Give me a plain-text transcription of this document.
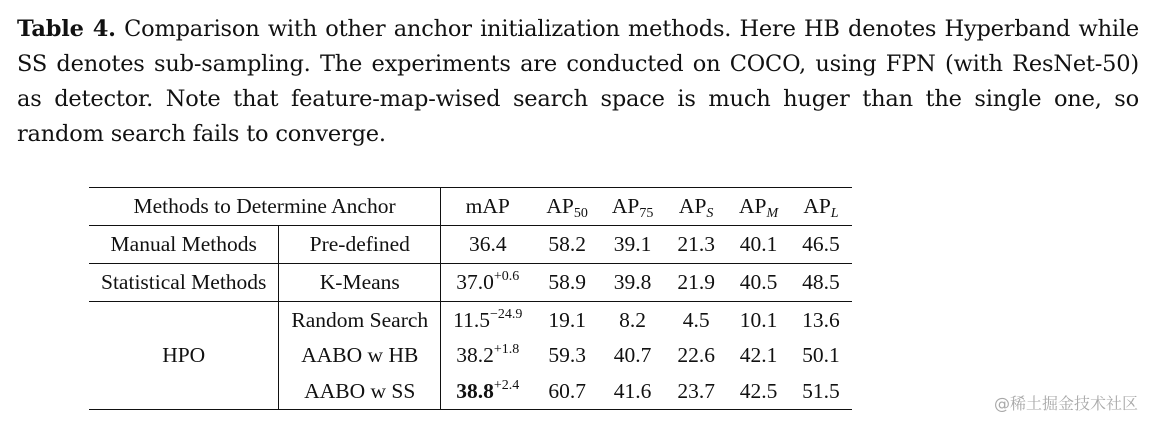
Table 4. Comparison with other anchor initialization methods. Here HB denotes Hyperband while SS denotes sub-sampling. The experiments are conducted on COCO, using FPN (with ResNet-50) as detector. Note that feature-map-wised search space is much huger than the single one, so random search fails to converge.
Methods to Determine Anchor		mAP	$AP_{50}$	$AP_{75}$	$AP_S$	$AP_M$	$AP_L$
Manual Methods	Pre-defined	36.4	58.2	39.1	21.3	40.1	46.5
Statistical Methods	K-Means	$37.0^{+0.6}$	58.9	39.8	21.9	40.5	48.5
HPO	Random Search	$11.5^{-24.9}$	19.1	8.2	4.5	10.1	13.6
	AABO w HB	$38.2^{+1.8}$	59.3	40.7	22.6	42.1	50.1
	AABO w SS	$38.8^{+2.4}$	60.7	41.6	23.7	42.5	51.5
@稀土掘金技术社区
